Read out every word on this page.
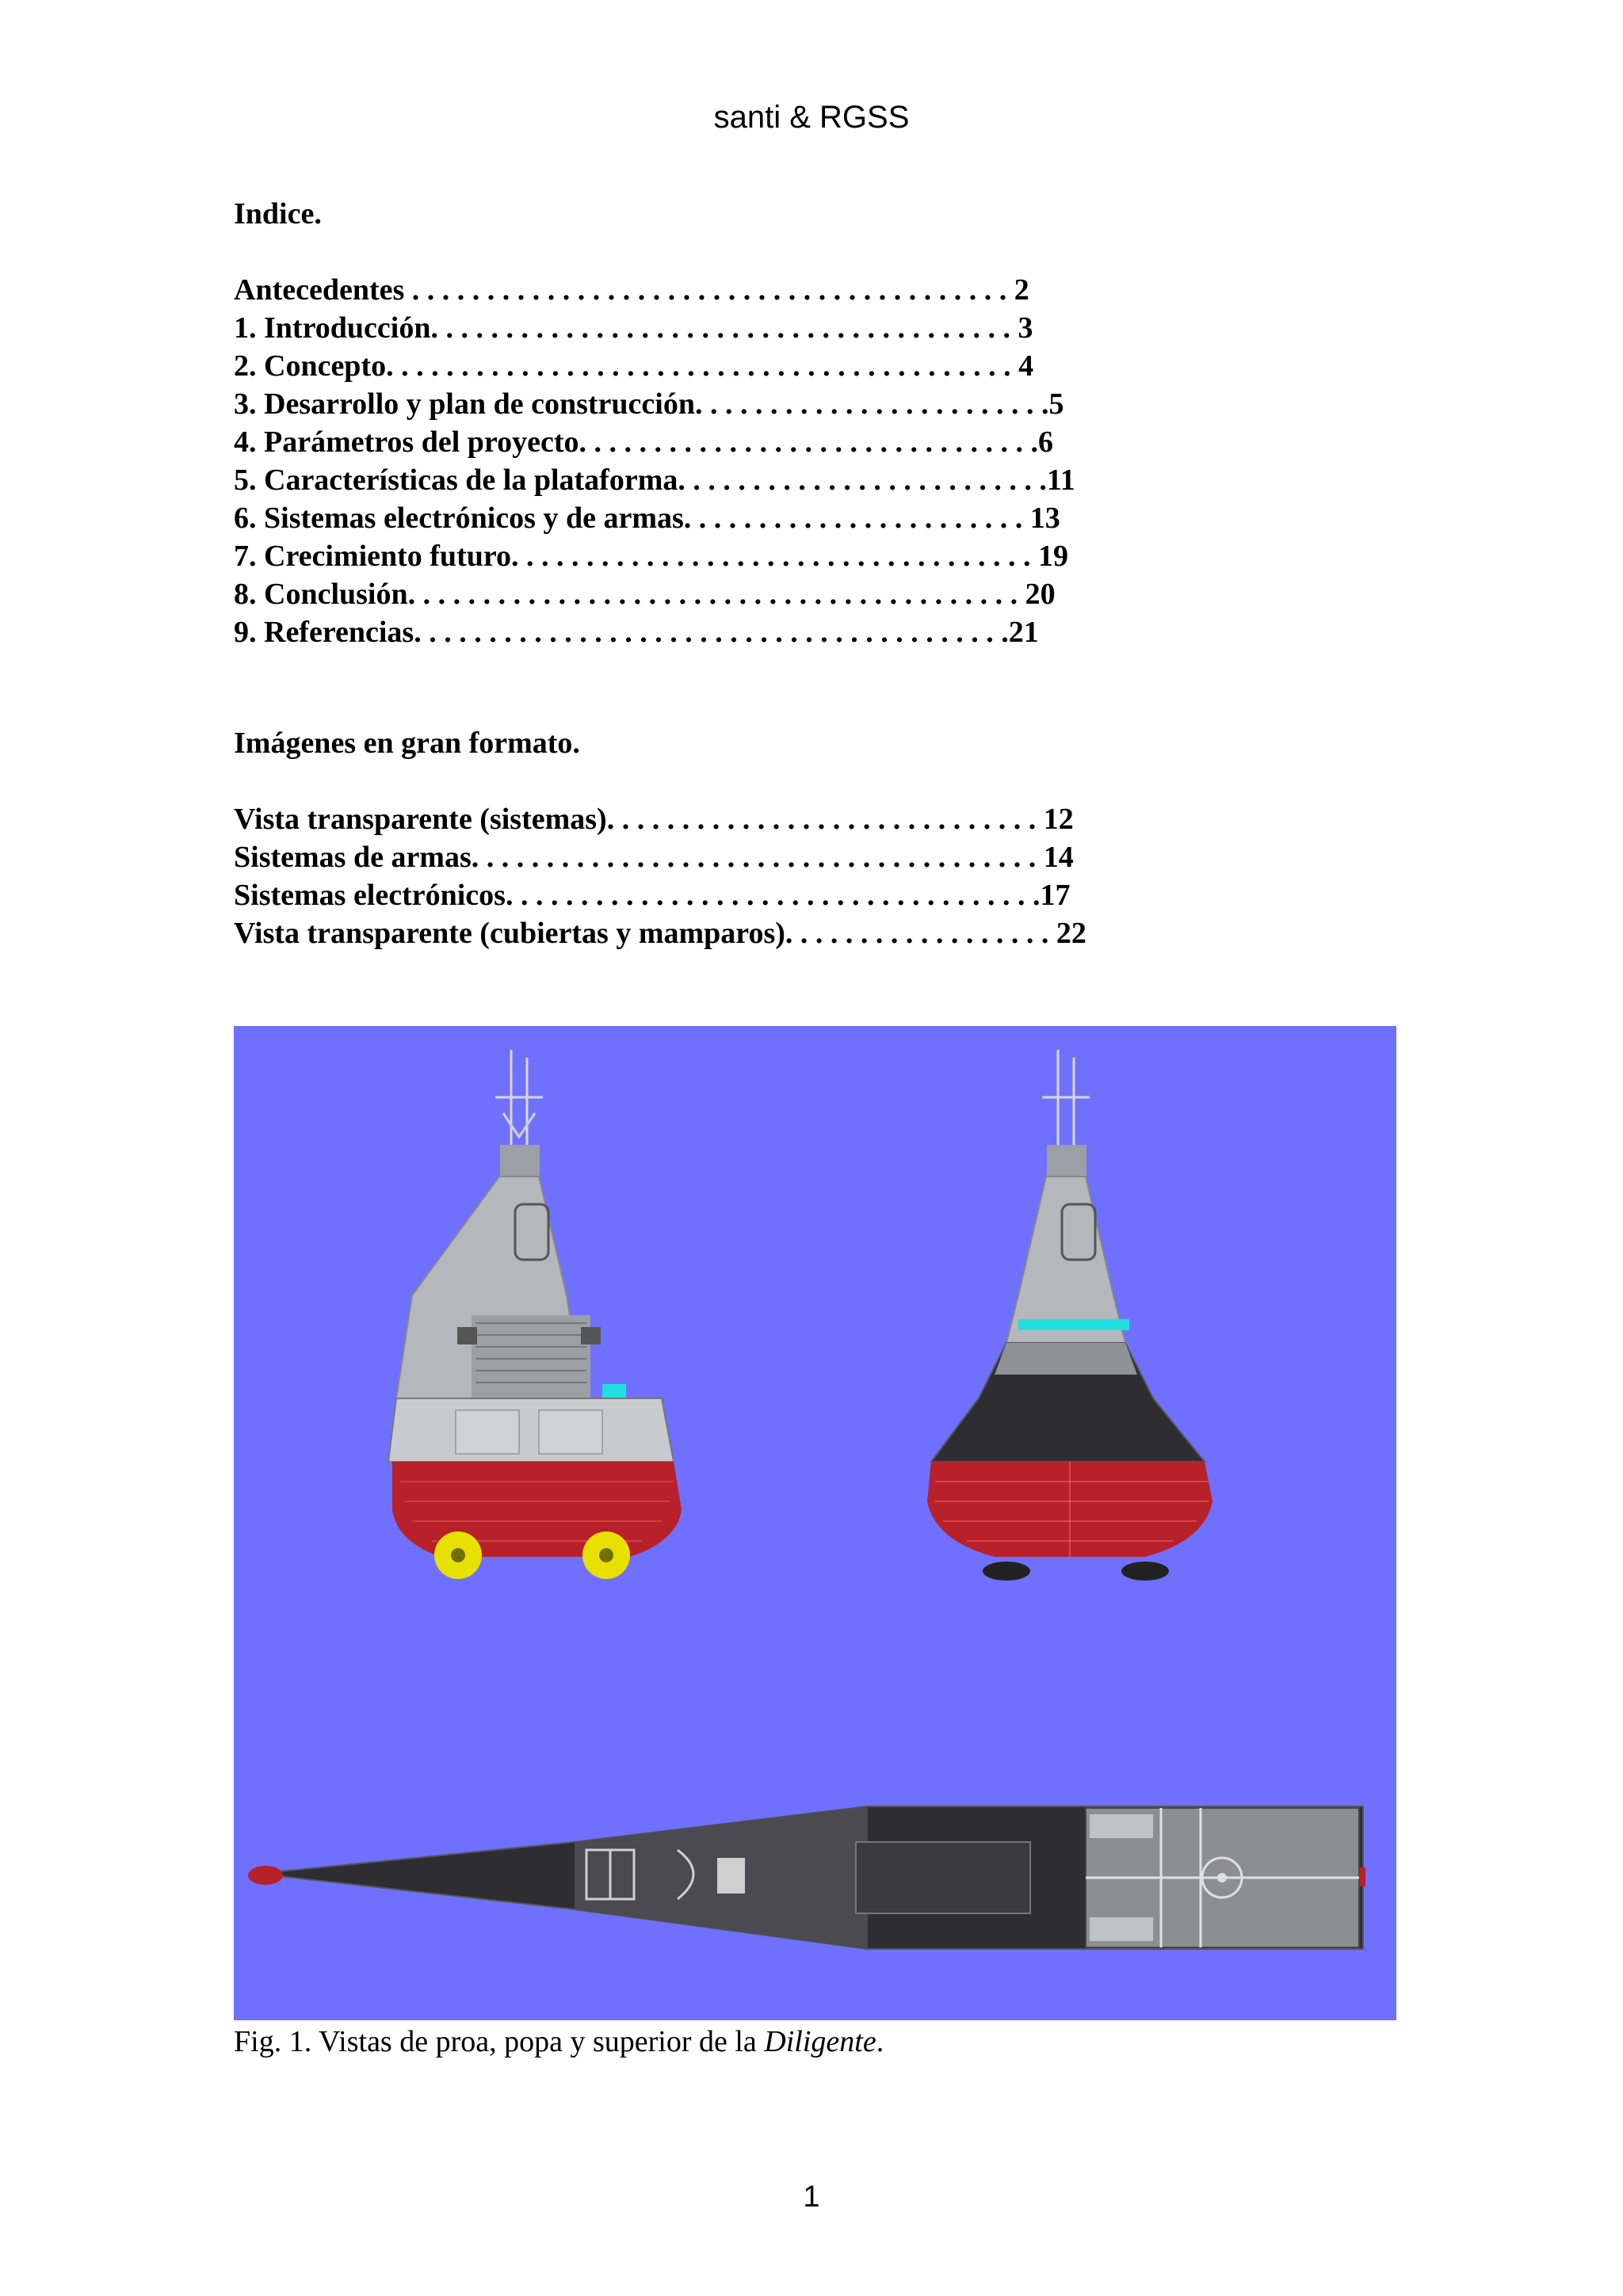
santi & RGSS
Indice.
Antecedentes . . . . . . . . . . . . . . . . . . . . . . . . . . . . . . . . . . . . . . . . 2
1. Introducción. . . . . . . . . . . . . . . . . . . . . . . . . . . . . . . . . . . . . . . 3
2. Concepto. . . . . . . . . . . . . . . . . . . . . . . . . . . . . . . . . . . . . . . . . . 4
3. Desarrollo y plan de construcción. . . . . . . . . . . . . . . . . . . . . . . .5
4. Parámetros del proyecto. . . . . . . . . . . . . . . . . . . . . . . . . . . . . . .6
5. Características de la plataforma. . . . . . . . . . . . . . . . . . . . . . . . .11
6. Sistemas electrónicos y de armas. . . . . . . . . . . . . . . . . . . . . . . 13
7. Crecimiento futuro. . . . . . . . . . . . . . . . . . . . . . . . . . . . . . . . . . . 19
8. Conclusión. . . . . . . . . . . . . . . . . . . . . . . . . . . . . . . . . . . . . . . . . 20
9. Referencias. . . . . . . . . . . . . . . . . . . . . . . . . . . . . . . . . . . . . . . .21
Imágenes en gran formato.
Vista transparente (sistemas). . . . . . . . . . . . . . . . . . . . . . . . . . . . . 12
Sistemas de armas. . . . . . . . . . . . . . . . . . . . . . . . . . . . . . . . . . . . . . 14
Sistemas electrónicos. . . . . . . . . . . . . . . . . . . . . . . . . . . . . . . . . . . .17
Vista transparente (cubiertas y mamparos). . . . . . . . . . . . . . . . . . 22
Fig. 1. Vistas de proa, popa y superior de la Diligente.
1
